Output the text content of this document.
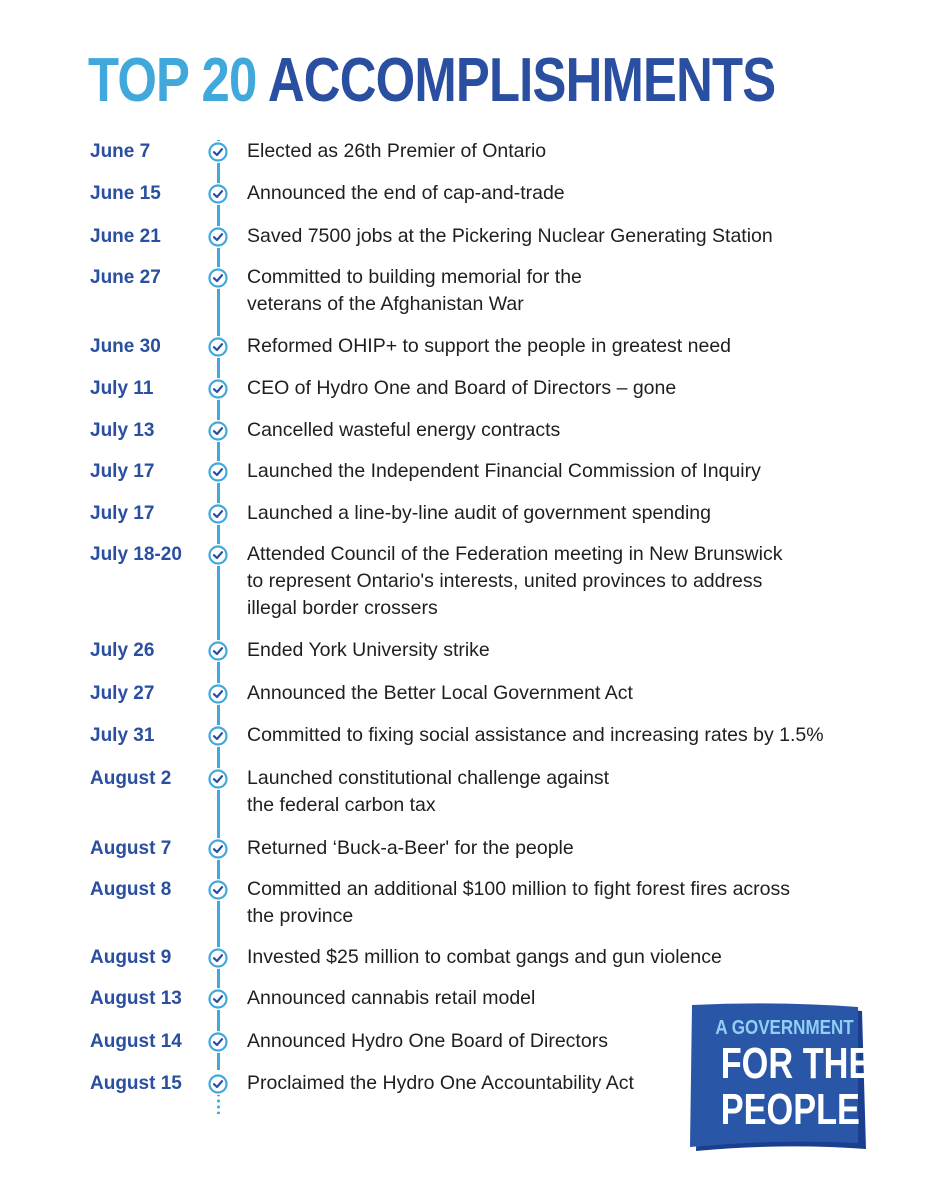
TOP 20 ACCOMPLISHMENTS
June 7	Elected as 26th Premier of Ontario
June 15	Announced the end of cap-and-trade
June 21	Saved 7500 jobs at the Pickering Nuclear Generating Station
June 27	Committed to building memorial for the
veterans of the Afghanistan War
June 30	Reformed OHIP+ to support the people in greatest need
July 11	CEO of Hydro One and Board of Directors – gone
July 13	Cancelled wasteful energy contracts
July 17	Launched the Independent Financial Commission of Inquiry
July 17	Launched a line-by-line audit of government spending
July 18-20	Attended Council of the Federation meeting in New Brunswick
to represent Ontario's interests, united provinces to address
illegal border crossers
July 26	Ended York University strike
July 27	Announced the Better Local Government Act
July 31	Committed to fixing social assistance and increasing rates by 1.5%
August 2	Launched constitutional challenge against
the federal carbon tax
August 7	Returned ‘Buck-a-Beer' for the people
August 8	Committed an additional $100 million to fight forest fires across
the province
August 9	Invested $25 million to combat gangs and gun violence
August 13	Announced cannabis retail model
August 14	Announced Hydro One Board of Directors
August 15	Proclaimed the Hydro One Accountability Act
A GOVERNMENT
FOR THE
PEOPLE
